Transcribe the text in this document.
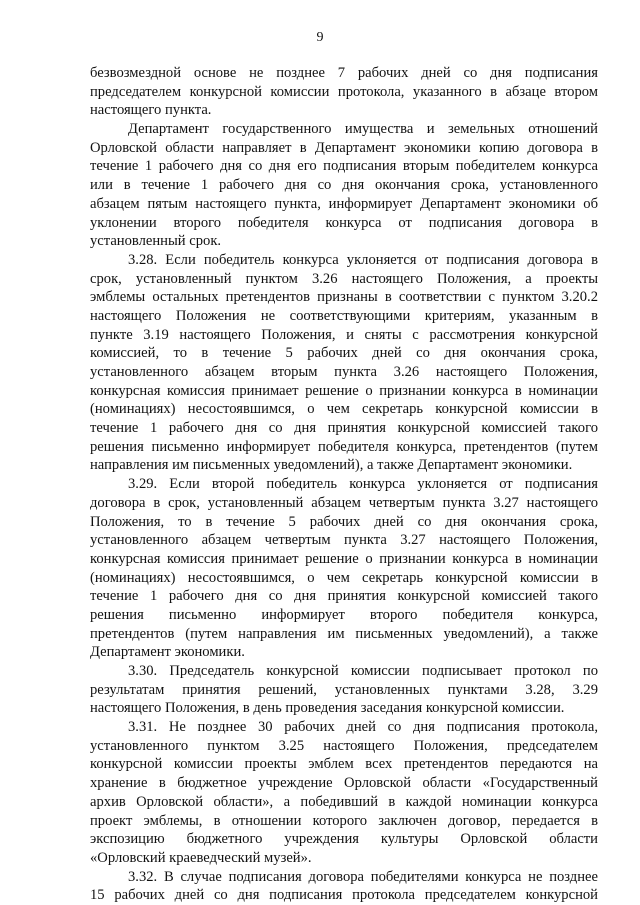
9
безвозмездной основе не позднее 7 рабочих дней со дня подписания
председателем конкурсной комиссии протокола, указанного в абзаце втором
настоящего пункта.
Департамент государственного имущества и земельных отношений
Орловской области направляет в Департамент экономики копию договора в
течение 1 рабочего дня со дня его подписания вторым победителем конкурса
или в течение 1 рабочего дня со дня окончания срока, установленного
абзацем пятым настоящего пункта, информирует Департамент экономики об
уклонении второго победителя конкурса от подписания договора в
установленный срок.
3.28. Если победитель конкурса уклоняется от подписания договора в
срок, установленный пунктом 3.26 настоящего Положения, а проекты
эмблемы остальных претендентов признаны в соответствии с пунктом 3.20.2
настоящего Положения не соответствующими критериям, указанным в
пункте 3.19 настоящего Положения, и сняты с рассмотрения конкурсной
комиссией, то в течение 5 рабочих дней со дня окончания срока,
установленного абзацем вторым пункта 3.26 настоящего Положения,
конкурсная комиссия принимает решение о признании конкурса в номинации
(номинациях) несостоявшимся, о чем секретарь конкурсной комиссии в
течение 1 рабочего дня со дня принятия конкурсной комиссией такого
решения письменно информирует победителя конкурса, претендентов (путем
направления им письменных уведомлений), а также Департамент экономики.
3.29. Если второй победитель конкурса уклоняется от подписания
договора в срок, установленный абзацем четвертым пункта 3.27 настоящего
Положения, то в течение 5 рабочих дней со дня окончания срока,
установленного абзацем четвертым пункта 3.27 настоящего Положения,
конкурсная комиссия принимает решение о признании конкурса в номинации
(номинациях) несостоявшимся, о чем секретарь конкурсной комиссии в
течение 1 рабочего дня со дня принятия конкурсной комиссией такого
решения письменно информирует второго победителя конкурса,
претендентов (путем направления им письменных уведомлений), а также
Департамент экономики.
3.30. Председатель конкурсной комиссии подписывает протокол по
результатам принятия решений, установленных пунктами 3.28, 3.29
настоящего Положения, в день проведения заседания конкурсной комиссии.
3.31. Не позднее 30 рабочих дней со дня подписания протокола,
установленного пунктом 3.25 настоящего Положения, председателем
конкурсной комиссии проекты эмблем всех претендентов передаются на
хранение в бюджетное учреждение Орловской области «Государственный
архив Орловской области», а победивший в каждой номинации конкурса
проект эмблемы, в отношении которого заключен договор, передается в
экспозицию бюджетного учреждения культуры Орловской области
«Орловский краеведческий музей».
3.32. В случае подписания договора победителями конкурса не позднее
15 рабочих дней со дня подписания протокола председателем конкурсной
